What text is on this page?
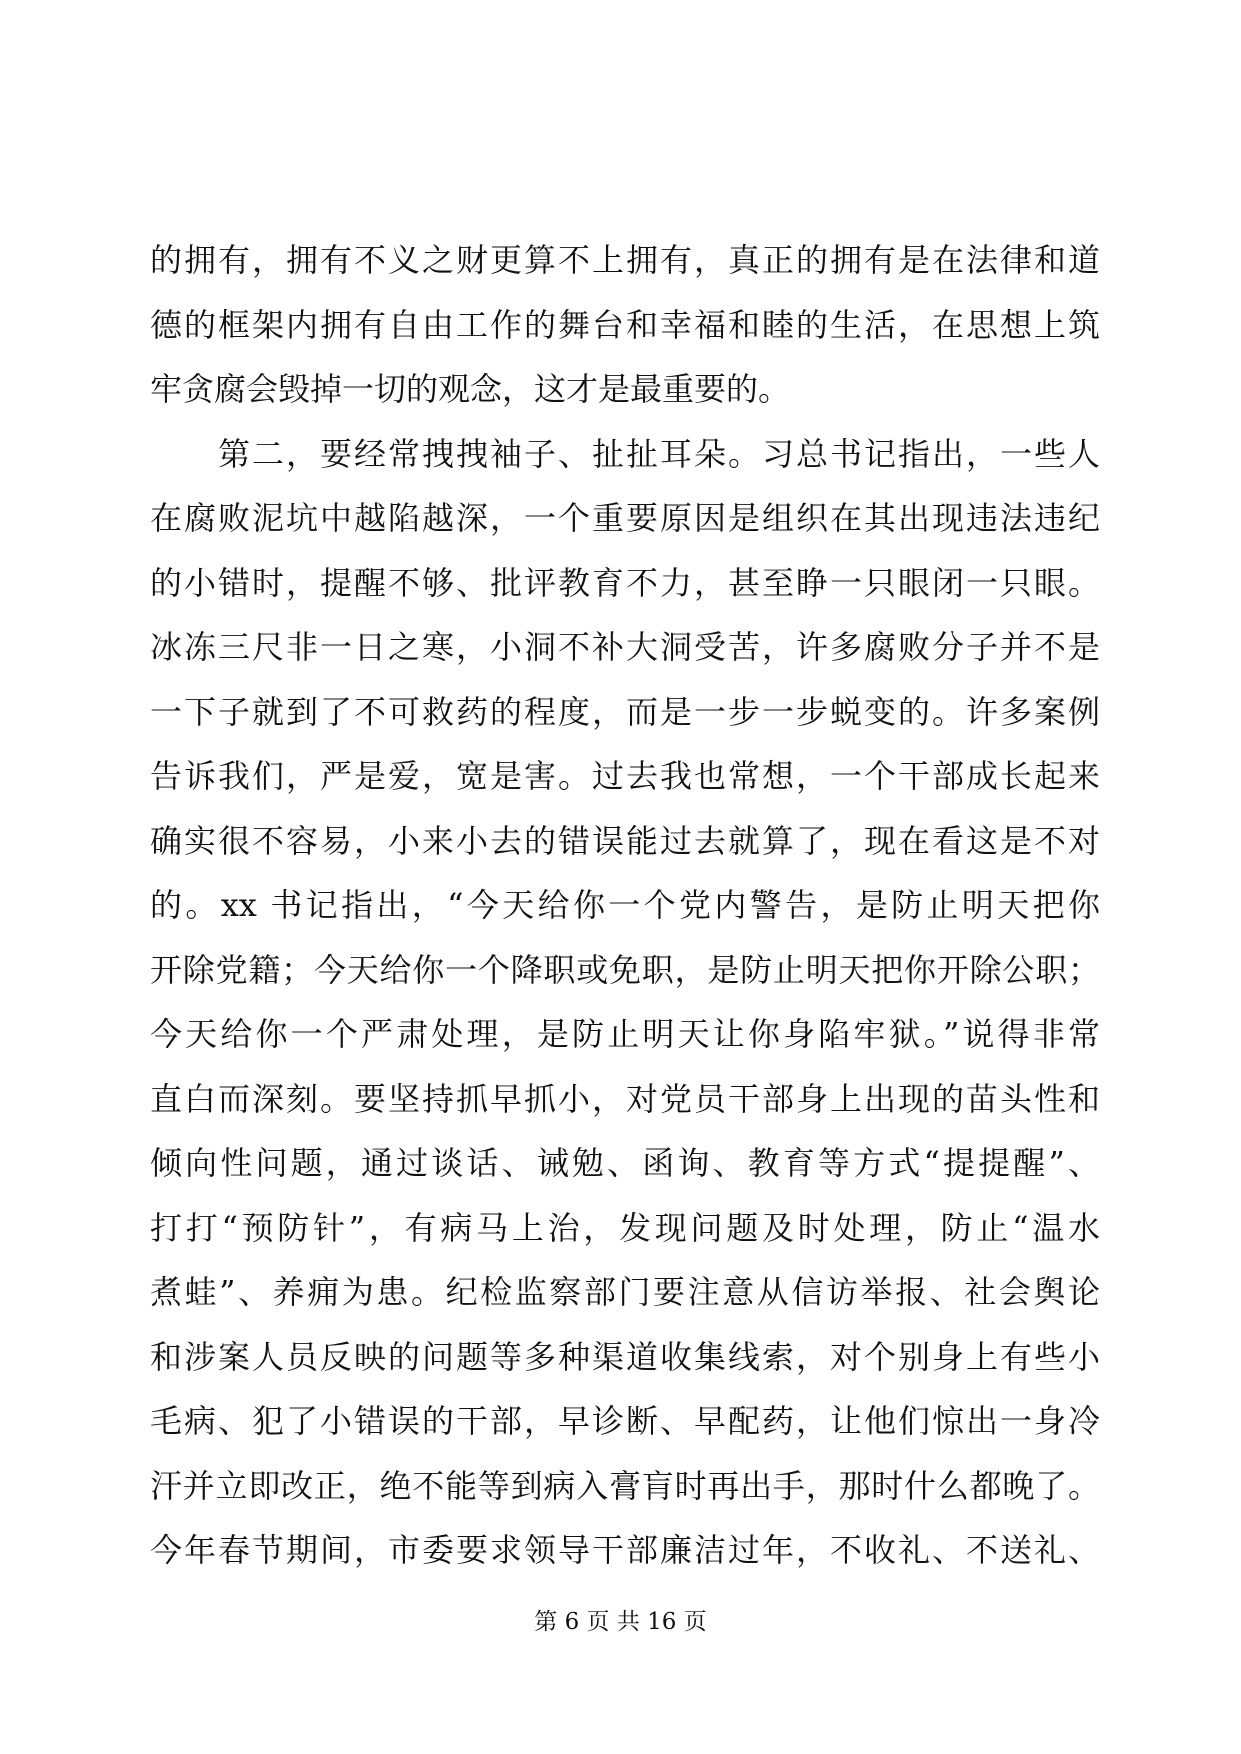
的拥有，拥有不义之财更算不上拥有，真正的拥有是在法律和道
德的框架内拥有自由工作的舞台和幸福和睦的生活，在思想上筑
牢贪腐会毁掉一切的观念，这才是最重要的。
　　第二，要经常拽拽袖子、扯扯耳朵。习总书记指出，一些人
在腐败泥坑中越陷越深，一个重要原因是组织在其出现违法违纪
的小错时，提醒不够、批评教育不力，甚至睁一只眼闭一只眼。
冰冻三尺非一日之寒，小洞不补大洞受苦，许多腐败分子并不是
一下子就到了不可救药的程度，而是一步一步蜕变的。许多案例
告诉我们，严是爱，宽是害。过去我也常想，一个干部成长起来
确实很不容易，小来小去的错误能过去就算了，现在看这是不对
的。xx 书记指出，“今天给你一个党内警告，是防止明天把你
开除党籍；今天给你一个降职或免职，是防止明天把你开除公职；
今天给你一个严肃处理，是防止明天让你身陷牢狱。”说得非常
直白而深刻。要坚持抓早抓小，对党员干部身上出现的苗头性和
倾向性问题，通过谈话、诫勉、函询、教育等方式“提提醒”、
打打“预防针”，有病马上治，发现问题及时处理，防止“温水
煮蛙”、养痈为患。纪检监察部门要注意从信访举报、社会舆论
和涉案人员反映的问题等多种渠道收集线索，对个别身上有些小
毛病、犯了小错误的干部，早诊断、早配药，让他们惊出一身冷
汗并立即改正，绝不能等到病入膏肓时再出手，那时什么都晚了。
今年春节期间，市委要求领导干部廉洁过年，不收礼、不送礼、
第 6 页 共 16 页
